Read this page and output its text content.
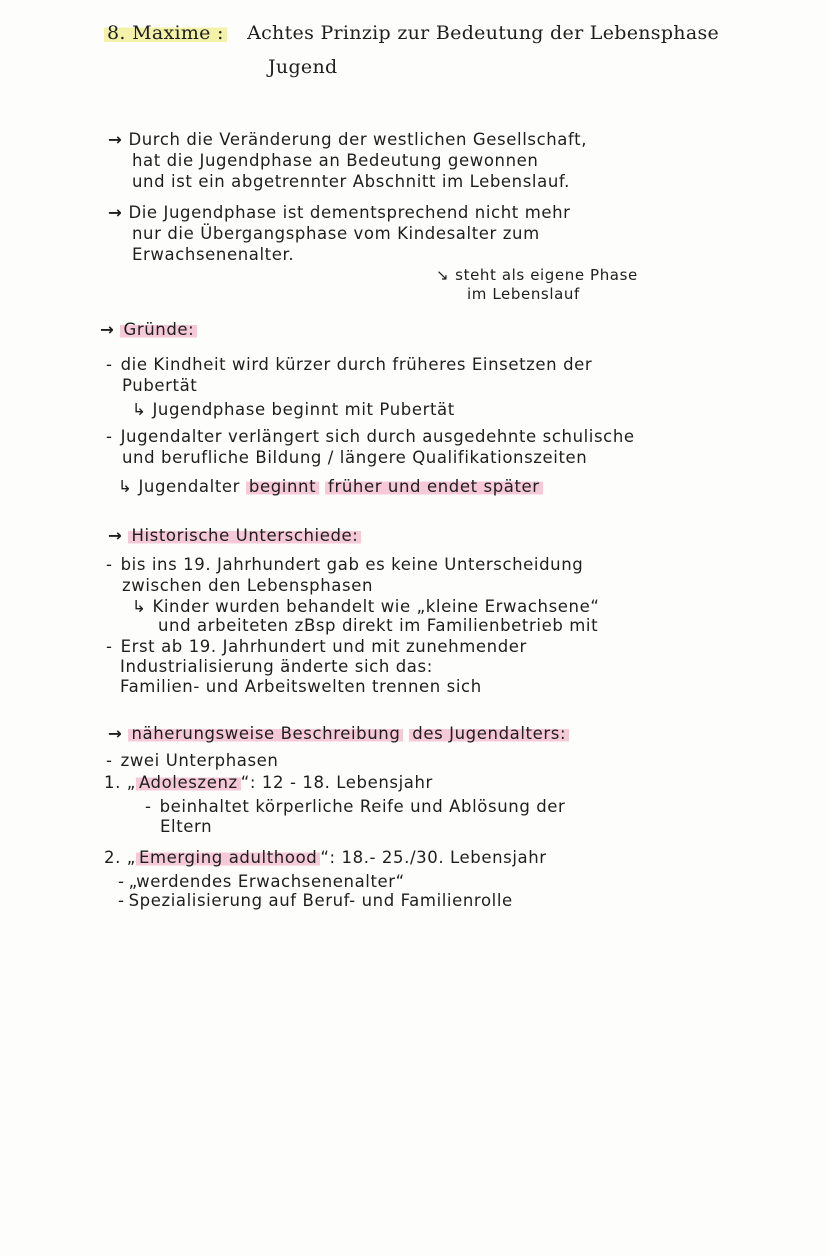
8. Maxime : Achtes Prinzip zur Bedeutung der Lebensphase
Jugend
→ Durch die Veränderung der westlichen Gesellschaft,
hat die Jugendphase an Bedeutung gewonnen
und ist ein abgetrennter Abschnitt im Lebenslauf.
→ Die Jugendphase ist dementsprechend nicht mehr
nur die Übergangsphase vom Kindesalter zum
Erwachsenenalter.
↘ steht als eigene Phase
im Lebenslauf
→ Gründe:
- die Kindheit wird kürzer durch früheres Einsetzen der
Pubertät
↳ Jugendphase beginnt mit Pubertät
- Jugendalter verlängert sich durch ausgedehnte schulische
und berufliche Bildung / längere Qualifikationszeiten
↳ Jugendalter beginnt früher und endet später
→ Historische Unterschiede:
- bis ins 19. Jahrhundert gab es keine Unterscheidung
zwischen den Lebensphasen
↳ Kinder wurden behandelt wie „kleine Erwachsene“
und arbeiteten zBsp direkt im Familienbetrieb mit
- Erst ab 19. Jahrhundert und mit zunehmender
Industrialisierung änderte sich das:
Familien- und Arbeitswelten trennen sich
→ näherungsweise Beschreibung des Jugendalters:
- zwei Unterphasen
1. „ Adoleszenz “: 12 - 18. Lebensjahr
- beinhaltet körperliche Reife und Ablösung der
Eltern
2. „ Emerging adulthood “: 18.- 25./30. Lebensjahr
- „werdendes Erwachsenenalter“
- Spezialisierung auf Beruf- und Familienrolle
